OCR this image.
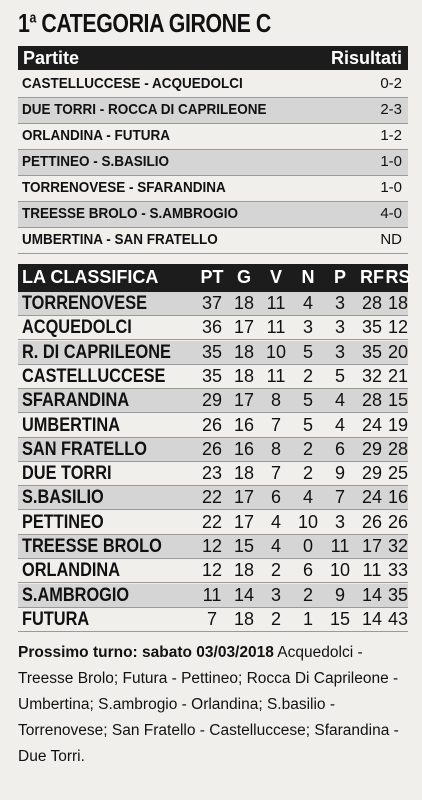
1$^a$ CATEGORIA GIRONE C
Partite	Risultati
CASTELLUCCESE - ACQUEDOLCI	0-2
DUE TORRI - ROCCA DI CAPRILEONE	2-3
ORLANDINA - FUTURA	1-2
PETTINEO - S.BASILIO	1-0
TORRENOVESE - SFARANDINA	1-0
TREESSE BROLO - S.AMBROGIO	4-0
UMBERTINA - SAN FRATELLO	ND
LA CLASSIFICA PT G	V	N	P RF RS
TORRENOVESE	37 18 11 4	3 28 18
ACQUEDOLCI	36 17 11 3	3 35 12
R. DI CAPRILEONE	35 18 10 5	3 35 20
CASTELLUCCESE	35 18 11 2	5 32 21
SFARANDINA	29 17 8	5	4 28 15
UMBERTINA	26 16 7	5	4 24 19
SAN FRATELLO	26 16 8	2	6 29 28
DUE TORRI	23 18 7	2	9 29 25
S.BASILIO	22 17 6	4	7 24 16
PETTINEO	22 17 4 10 3 26 26
TREESSE BROLO	12 15 4	0 11 17 32
ORLANDINA	12 18 2	6 10 11 33
S.AMBROGIO	11 14 3	2	9 14 35
FUTURA	7 18 2	1 15 14 43
Prossimo turno: sabato 03/03/2018 Acquedolci - Treesse Brolo; Futura - Pettineo; Rocca Di Caprileone - Umbertina; S.ambrogio - Orlandina; S.basilio - Torrenovese; San Fratello - Castelluccese; Sfarandina - Due Torri.
